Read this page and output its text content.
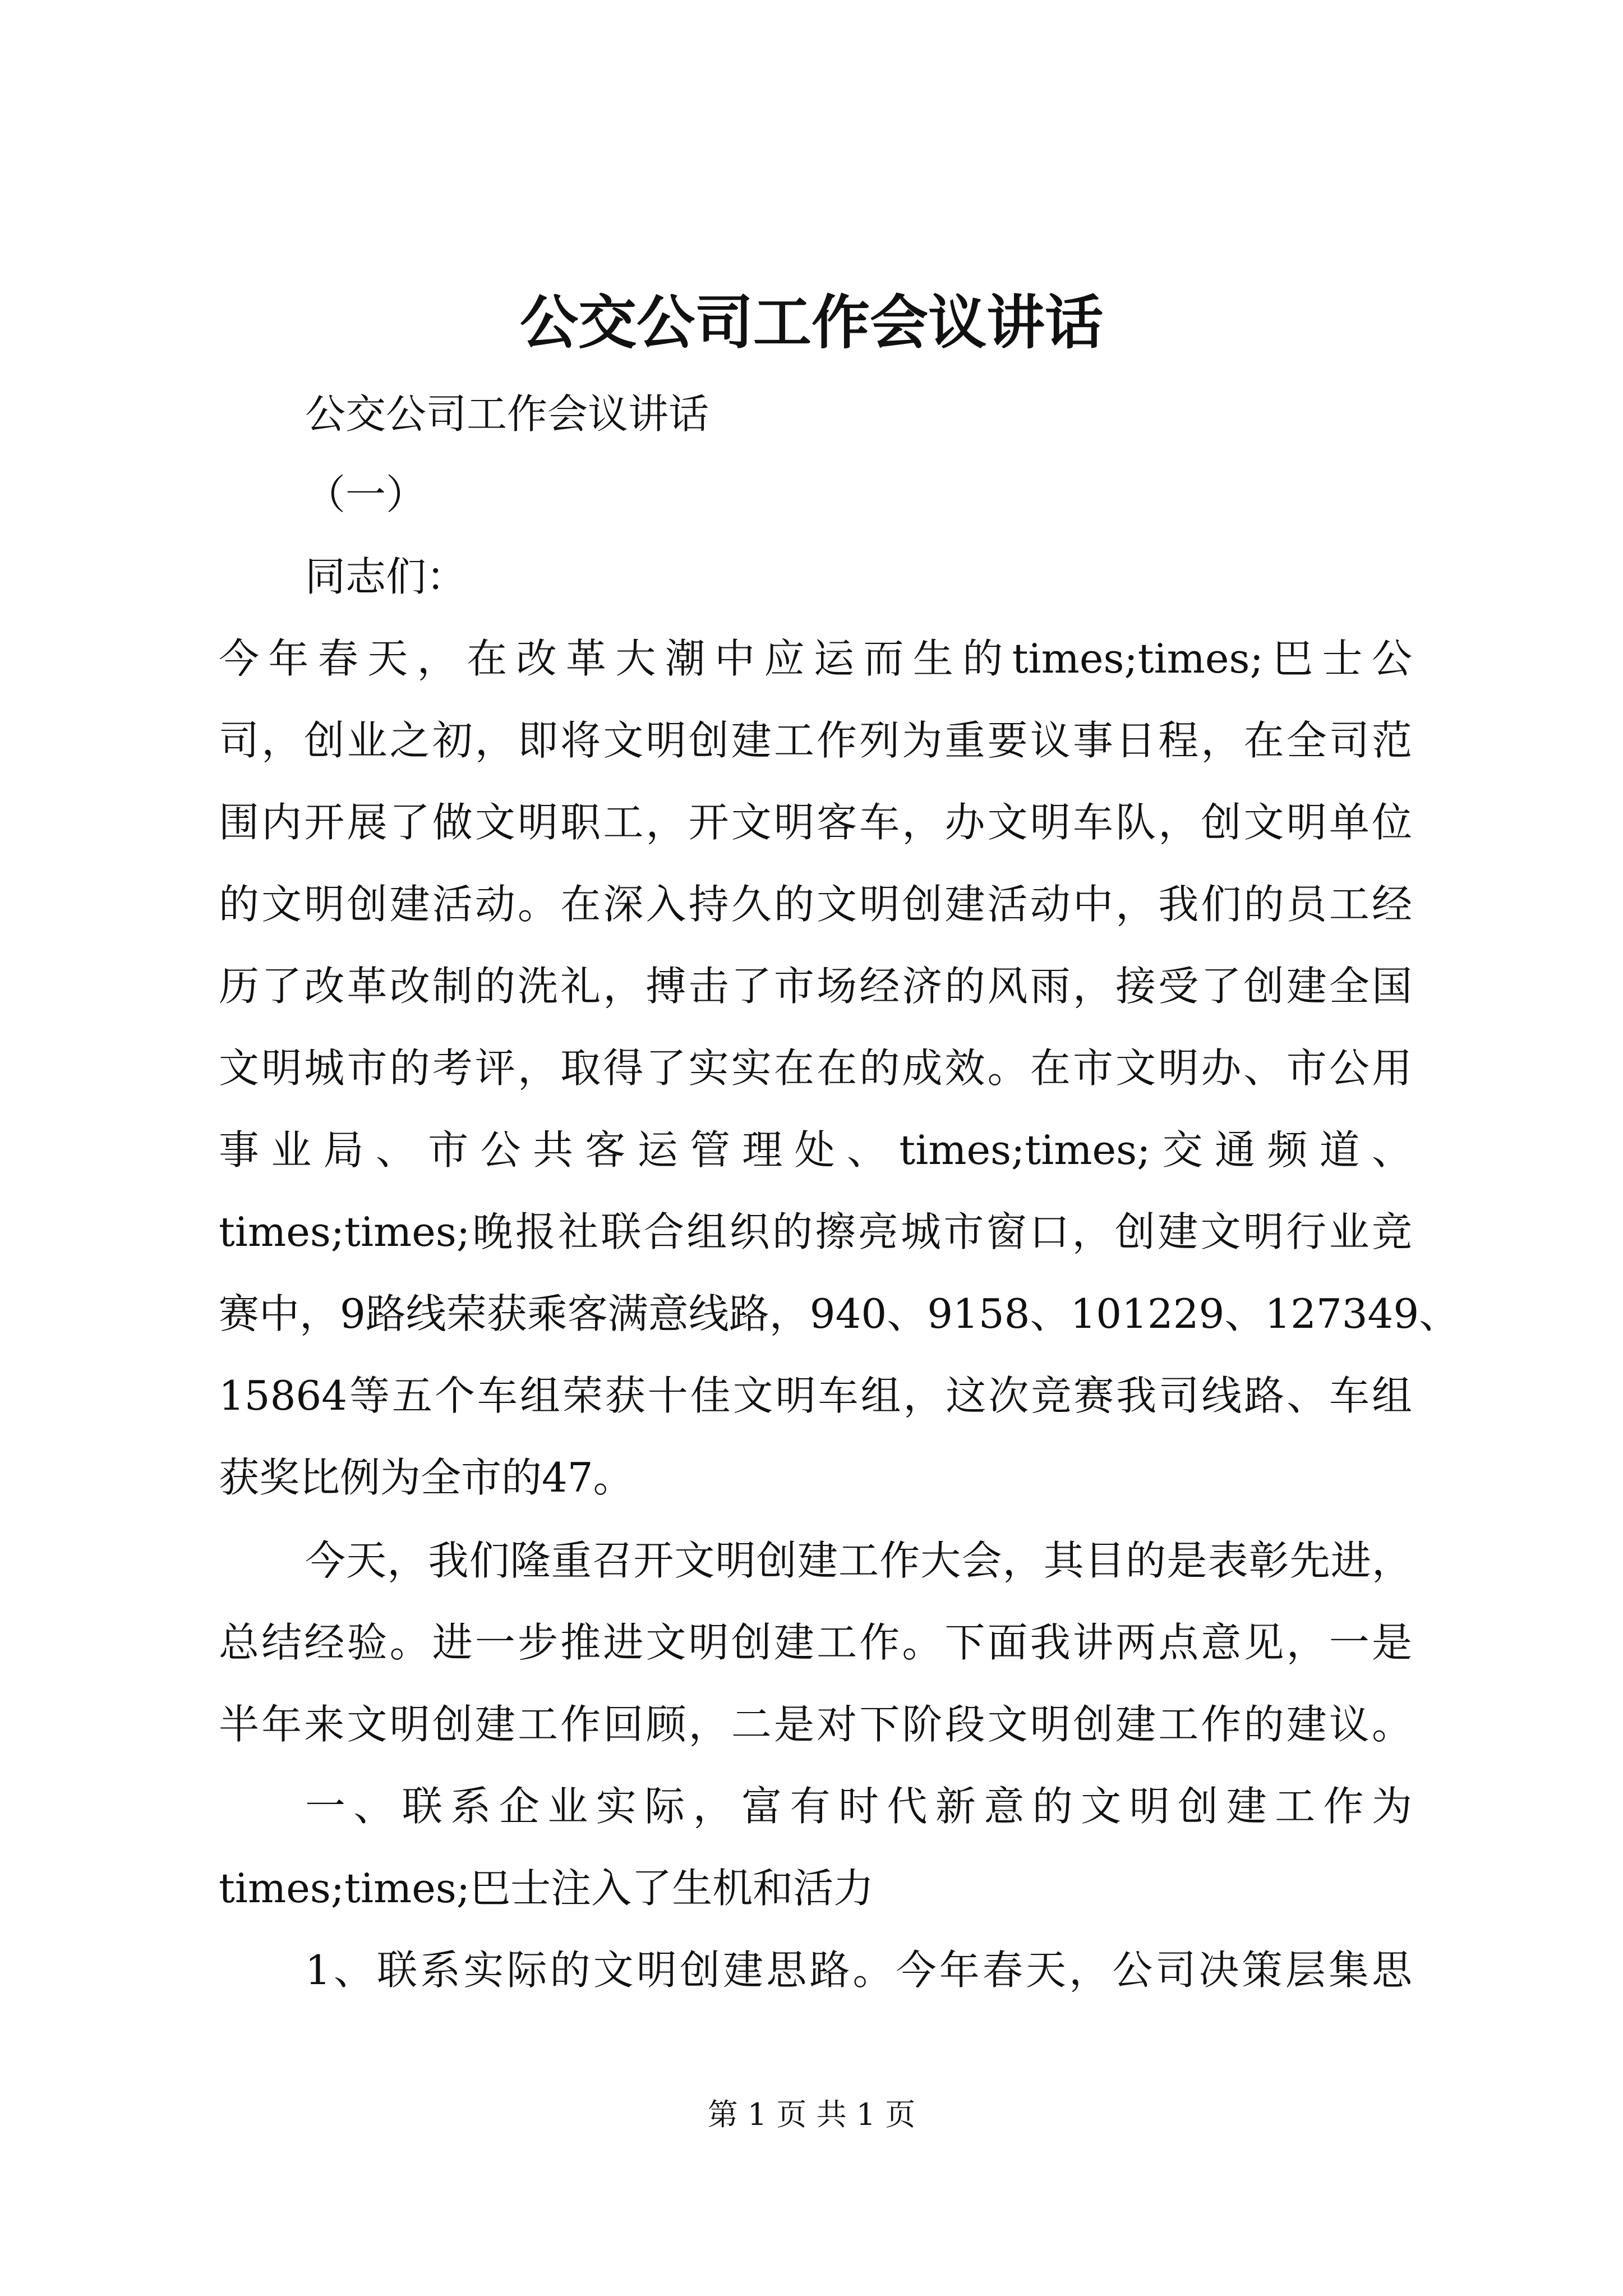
公交公司工作会议讲话
公交公司工作会议讲话
（一）
同志们：
今年春天，在改革大潮中应运而生的times;times;巴士公
司，创业之初，即将文明创建工作列为重要议事日程，在全司范
围内开展了做文明职工，开文明客车，办文明车队，创文明单位
的文明创建活动。在深入持久的文明创建活动中，我们的员工经
历了改革改制的洗礼，搏击了市场经济的风雨，接受了创建全国
文明城市的考评，取得了实实在在的成效。在市文明办、市公用
事业局、市公共客运管理处、times;times;交通频道、
times;times;晚报社联合组织的擦亮城市窗口，创建文明行业竞
赛中，9路线荣获乘客满意线路，940、9158、101229、127349、
15864等五个车组荣获十佳文明车组，这次竞赛我司线路、车组
获奖比例为全市的47。
今天，我们隆重召开文明创建工作大会，其目的是表彰先进，
总结经验。进一步推进文明创建工作。下面我讲两点意见，一是
半年来文明创建工作回顾，二是对下阶段文明创建工作的建议。
一、联系企业实际，富有时代新意的文明创建工作为
times;times;巴士注入了生机和活力
1、联系实际的文明创建思路。今年春天，公司决策层集思
第 1 页 共 1 页
